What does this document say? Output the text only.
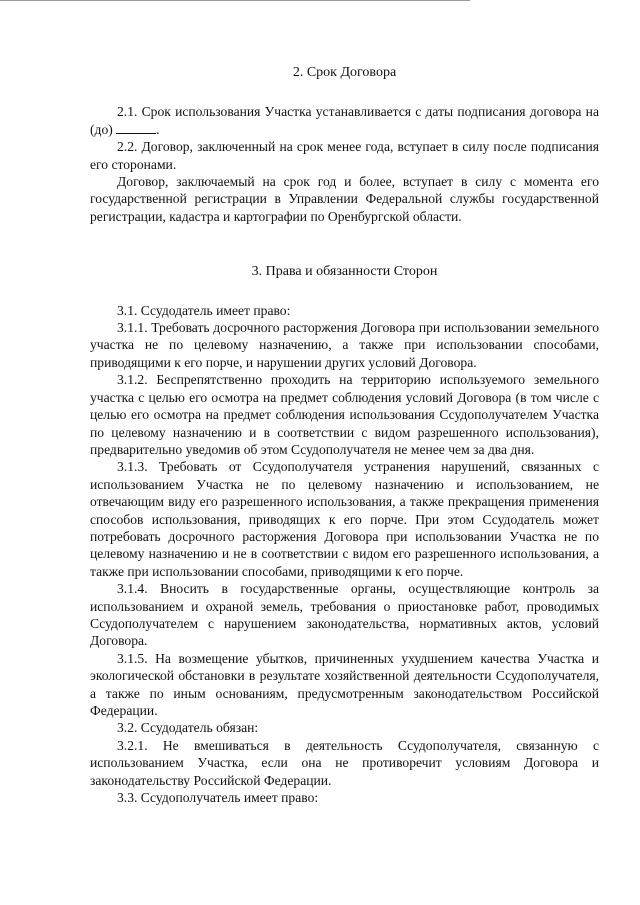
2. Срок Договора

2.1. Срок использования Участка устанавливается с даты подписания договора на (до)	.

2.2. Договор, заключенный на срок менее года, вступает в силу после подписания его сторонами.

Договор, заключаемый на срок год и более, вступает в силу с момента его государственной регистрации в Управлении Федеральной службы государственной регистрации, кадастра и картографии по Оренбургской области.

3. Права и обязанности Сторон

3.1. Ссудодатель имеет право:

3.1.1. Требовать досрочного расторжения Договора при использовании земельного участка не по целевому назначению, а также при использовании способами, приводящими к его порче, и нарушении других условий Договора.

3.1.2. Беспрепятственно проходить на территорию используемого земельного участка с целью его осмотра на предмет соблюдения условий Договора (в том числе с целью его осмотра на предмет соблюдения использования Ссудополучателем Участка по целевому назначению и в соответствии с видом разрешенного использования), предварительно уведомив об этом Ссудополучателя не менее чем за два дня.

3.1.3. Требовать от Ссудополучателя устранения нарушений, связанных с использованием Участка не по целевому назначению и использованием, не отвечающим виду его разрешенного использования, а также прекращения применения способов использования, приводящих к его порче. При этом Ссудодатель может потребовать досрочного расторжения Договора при использовании Участка не по целевому назначению и не в соответствии с видом его разрешенного использования, а также при использовании способами, приводящими к его порче.

3.1.4. Вносить в государственные органы, осуществляющие контроль за использованием и охраной земель, требования о приостановке работ, проводимых Ссудополучателем с нарушением законодательства, нормативных актов, условий Договора.

3.1.5. На возмещение убытков, причиненных ухудшением качества Участка и экологической обстановки в результате хозяйственной деятельности Ссудополучателя, а также по иным основаниям, предусмотренным законодательством Российской Федерации.

3.2. Ссудодатель обязан:

3.2.1. Не вмешиваться в деятельность Ссудополучателя, связанную с использованием Участка, если она не противоречит условиям Договора и законодательству Российской Федерации.

3.3. Ссудополучатель имеет право:
